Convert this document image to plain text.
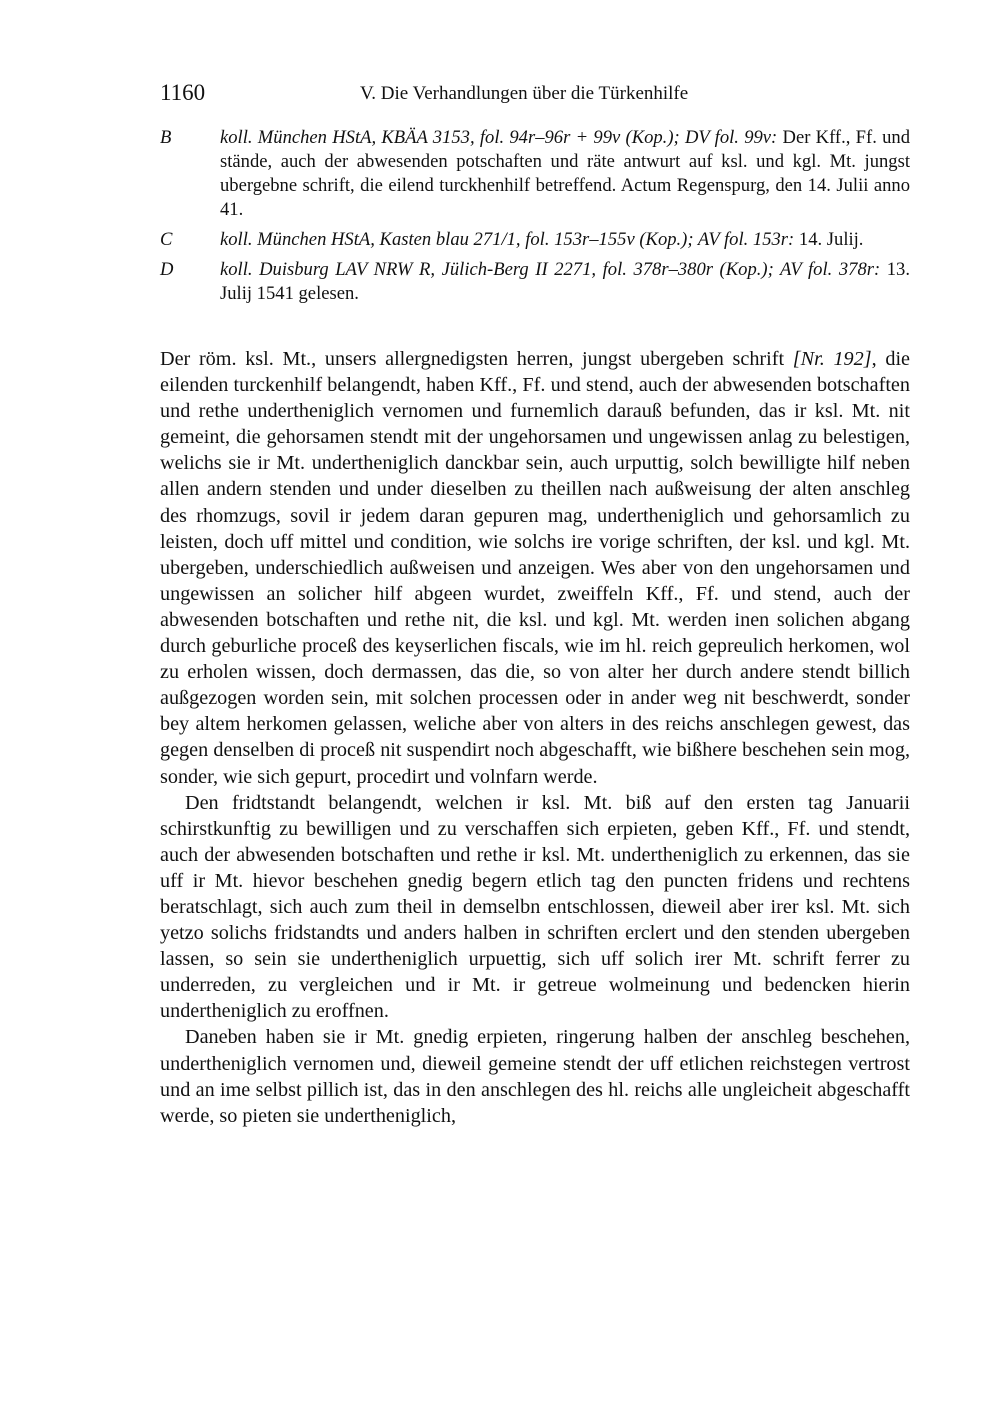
1160	V. Die Verhandlungen über die Türkenhilfe
B	koll. München HStA, KBÄA 3153, fol. 94r–96r + 99v (Kop.); DV fol. 99v: Der Kff., Ff. und stände, auch der abwesenden potschaften und räte antwurt auf ksl. und kgl. Mt. jungst ubergebne schrift, die eilend turckhenhilf betreffend. Actum Regenspurg, den 14. Julii anno 41.
C	koll. München HStA, Kasten blau 271/1, fol. 153r–155v (Kop.); AV fol. 153r: 14. Julij.
D	koll. Duisburg LAV NRW R, Jülich-Berg II 2271, fol. 378r–380r (Kop.); AV fol. 378r: 13. Julij 1541 gelesen.

Der röm. ksl. Mt., unsers allergnedigsten herren, jungst ubergeben schrift [Nr. 192], die eilenden turckenhilf belangendt, haben Kff., Ff. und stend, auch der abwesenden botschaften und rethe undertheniglich vernomen und furnemlich darauß befunden, das ir ksl. Mt. nit gemeint, die gehorsamen stendt mit der ungehorsamen und ungewissen anlag zu belestigen, welichs sie ir Mt. undertheniglich danckbar sein, auch urputtig, solch bewilligte hilf neben allen andern stenden und under dieselben zu theillen nach außweisung der alten anschleg des rhomzugs, sovil ir jedem daran gepuren mag, undertheniglich und gehorsamlich zu leisten, doch uff mittel und condition, wie solchs ire vorige schriften, der ksl. und kgl. Mt. ubergeben, underschiedlich außweisen und anzeigen. Wes aber von den ungehorsamen und ungewissen an solicher hilf abgeen wurdet, zweiffeln Kff., Ff. und stend, auch der abwesenden botschaften und rethe nit, die ksl. und kgl. Mt. werden inen solichen abgang durch geburliche proceß des keyserlichen fiscals, wie im hl. reich gepreulich herkomen, wol zu erholen wissen, doch dermassen, das die, so von alter her durch andere stendt billich außgezogen worden sein, mit solchen processen oder in ander weg nit beschwerdt, sonder bey altem herkomen gelassen, weliche aber von alters in des reichs anschlegen gewest, das gegen denselben di proceß nit suspendirt noch abgeschafft, wie bißhere beschehen sein mog, sonder, wie sich gepurt, procedirt und volnfarn werde.

Den fridtstandt belangendt, welchen ir ksl. Mt. biß auf den ersten tag Januarii schirstkunftig zu bewilligen und zu verschaffen sich erpieten, geben Kff., Ff. und stendt, auch der abwesenden botschaften und rethe ir ksl. Mt. undertheniglich zu erkennen, das sie uff ir Mt. hievor beschehen gnedig begern etlich tag den puncten fridens und rechtens beratschlagt, sich auch zum theil in demselbn entschlossen, dieweil aber irer ksl. Mt. sich yetzo solichs fridstandts und anders halben in schriften erclert und den stenden ubergeben lassen, so sein sie undertheniglich urpuettig, sich uff solich irer Mt. schrift ferrer zu underreden, zu vergleichen und ir Mt. ir getreue wolmeinung und bedencken hierin undertheniglich zu eroffnen.

Daneben haben sie ir Mt. gnedig erpieten, ringerung halben der anschleg beschehen, undertheniglich vernomen und, dieweil gemeine stendt der uff etlichen reichstegen vertrost und an ime selbst pillich ist, das in den anschlegen des hl. reichs alle ungleicheit abgeschafft werde, so pieten sie undertheniglich,
